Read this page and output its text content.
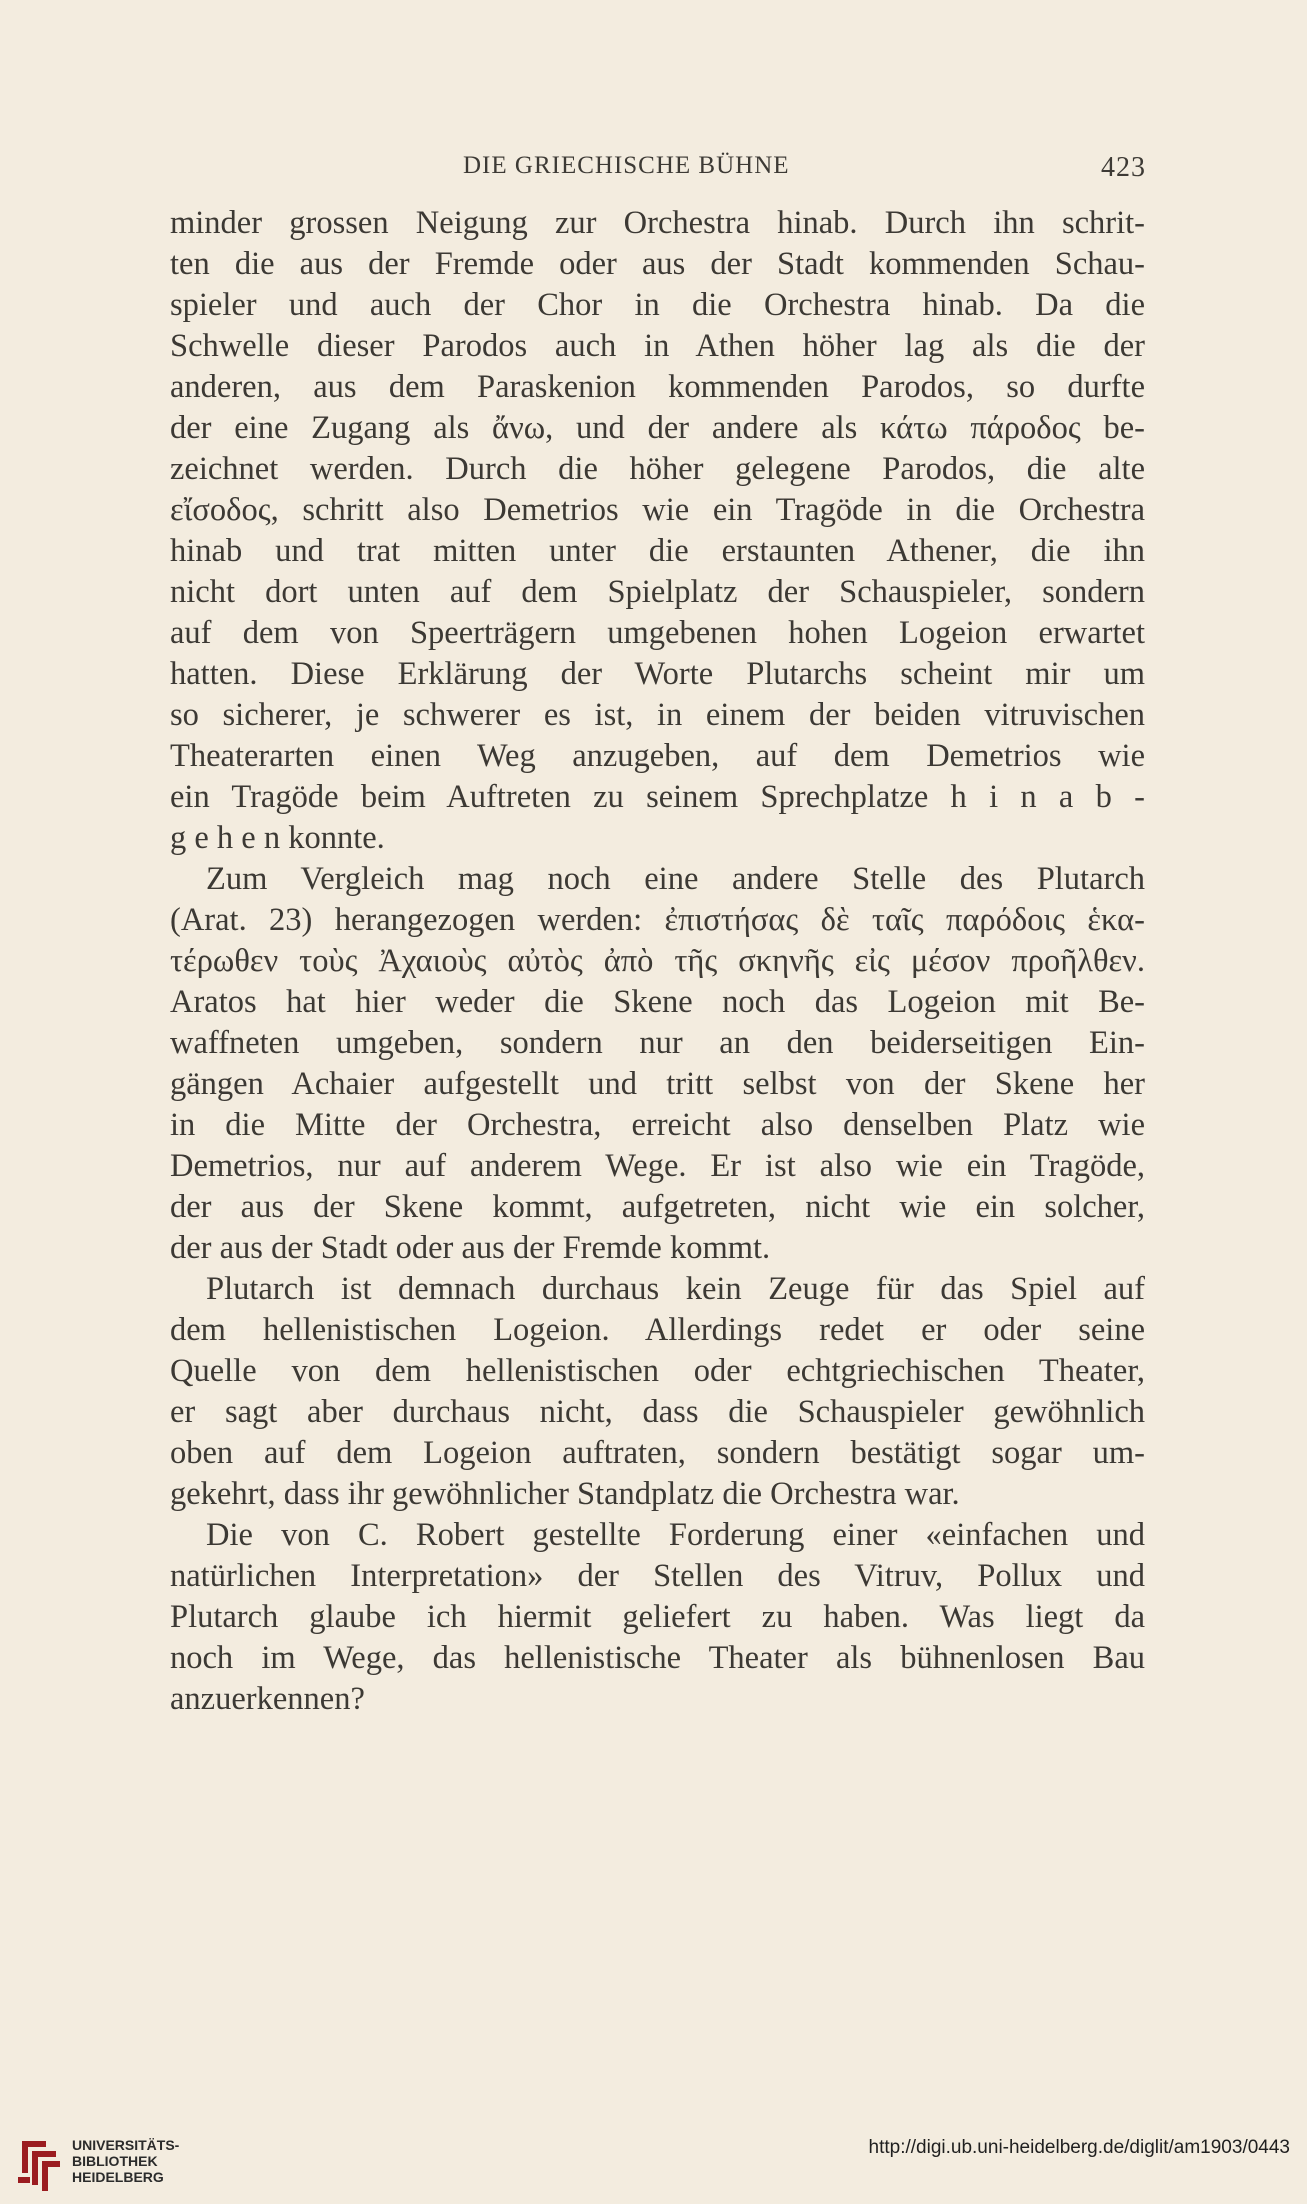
DIE GRIECHISCHE BÜHNE	423
minder grossen Neigung zur Orchestra hinab. Durch ihn schrit-
ten die aus der Fremde oder aus der Stadt kommenden Schau-
spieler und auch der Chor in die Orchestra hinab. Da die
Schwelle dieser Parodos auch in Athen höher lag als die der
anderen, aus dem Paraskenion kommenden Parodos, so durfte
der eine Zugang als ἄνω, und der andere als κάτω πάροδος be-
zeichnet werden. Durch die höher gelegene Parodos, die alte
εἴσοδος, schritt also Demetrios wie ein Tragöde in die Orchestra
hinab und trat mitten unter die erstaunten Athener, die ihn
nicht dort unten auf dem Spielplatz der Schauspieler, sondern
auf dem von Speerträgern umgebenen hohen Logeion erwartet
hatten. Diese Erklärung der Worte Plutarchs scheint mir um
so sicherer, je schwerer es ist, in einem der beiden vitruvischen
Theaterarten einen Weg anzugeben, auf dem Demetrios wie
ein Tragöde beim Auftreten zu seinem Sprechplatze h i n a b -
g e h e n konnte.
Zum Vergleich mag noch eine andere Stelle des Plutarch
(Arat. 23) herangezogen werden: ἐπιστήσας δὲ ταῖς παρόδοις ἑκα-
τέρωθεν τοὺς Ἀχαιοὺς αὐτὸς ἀπὸ τῆς σκηνῆς εἰς μέσον προῆλθεν.
Aratos hat hier weder die Skene noch das Logeion mit Be-
waffneten umgeben, sondern nur an den beiderseitigen Ein-
gängen Achaier aufgestellt und tritt selbst von der Skene her
in die Mitte der Orchestra, erreicht also denselben Platz wie
Demetrios, nur auf anderem Wege. Er ist also wie ein Tragöde,
der aus der Skene kommt, aufgetreten, nicht wie ein solcher,
der aus der Stadt oder aus der Fremde kommt.
Plutarch ist demnach durchaus kein Zeuge für das Spiel auf
dem hellenistischen Logeion. Allerdings redet er oder seine
Quelle von dem hellenistischen oder echtgriechischen Theater,
er sagt aber durchaus nicht, dass die Schauspieler gewöhnlich
oben auf dem Logeion auftraten, sondern bestätigt sogar um-
gekehrt, dass ihr gewöhnlicher Standplatz die Orchestra war.
Die von C. Robert gestellte Forderung einer «einfachen und
natürlichen Interpretation» der Stellen des Vitruv, Pollux und
Plutarch glaube ich hiermit geliefert zu haben. Was liegt da
noch im Wege, das hellenistische Theater als bühnenlosen Bau
anzuerkennen?
UNIVERSITÄTS-
BIBLIOTHEK
HEIDELBERG
http://digi.ub.uni-heidelberg.de/diglit/am1903/0443
